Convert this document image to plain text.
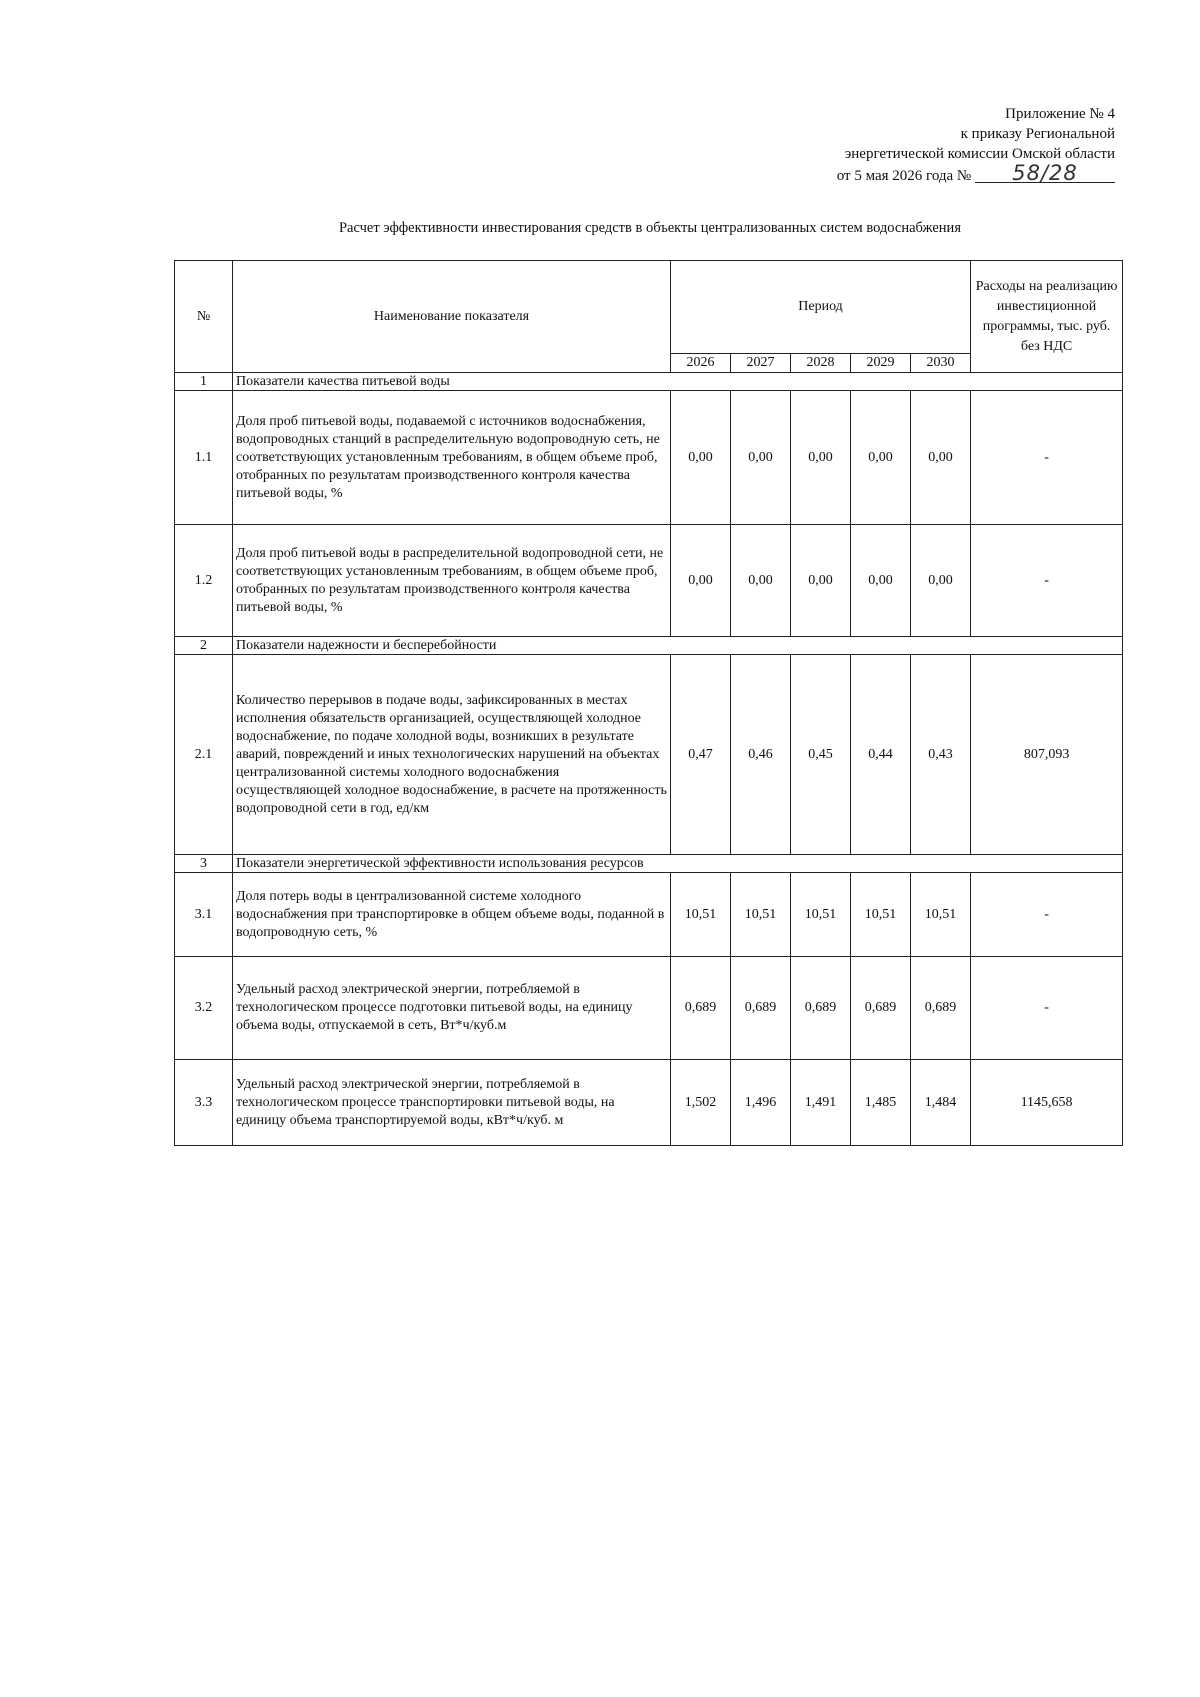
Приложение № 4
к приказу Региональной
энергетической комиссии Омской области
от 5 мая 2026 года № 58/28
Расчет эффективности инвестирования средств в объекты централизованных систем водоснабжения
№	Наименование показателя	Период					Расходы на реализацию инвестиционной программы, тыс. руб. без НДС
		2026	2027	2028	2029	2030	
1	Показатели качества питьевой воды						
1.1	Доля проб питьевой воды, подаваемой с источников водоснабжения, водопроводных станций в распределительную водопроводную сеть, не соответствующих установленным требованиям, в общем объеме проб, отобранных по результатам производственного контроля качества питьевой воды, %	0,00	0,00	0,00	0,00	0,00	-
1.2	Доля проб питьевой воды в распределительной водопроводной сети, не соответствующих установленным требованиям, в общем объеме проб, отобранных по результатам производственного контроля качества питьевой воды, %	0,00	0,00	0,00	0,00	0,00	-
2	Показатели надежности и бесперебойности						
2.1	Количество перерывов в подаче воды, зафиксированных в местах исполнения обязательств организацией, осуществляющей холодное водоснабжение, по подаче холодной воды, возникших в результате аварий, повреждений и иных технологических нарушений на объектах централизованной системы холодного водоснабжения осуществляющей холодное водоснабжение, в расчете на протяженность водопроводной сети в год, ед/км	0,47	0,46	0,45	0,44	0,43	807,093
3	Показатели энергетической эффективности использования ресурсов						
3.1	Доля потерь воды в централизованной системе холодного водоснабжения при транспортировке в общем объеме воды, поданной в водопроводную сеть, %	10,51	10,51	10,51	10,51	10,51	-
3.2	Удельный расход электрической энергии, потребляемой в технологическом процессе подготовки питьевой воды, на единицу объема воды, отпускаемой в сеть, Вт*ч/куб.м	0,689	0,689	0,689	0,689	0,689	-
3.3	Удельный расход электрической энергии, потребляемой в технологическом процессе транспортировки питьевой воды, на единицу объема транспортируемой воды, кВт*ч/куб. м	1,502	1,496	1,491	1,485	1,484	1145,658
